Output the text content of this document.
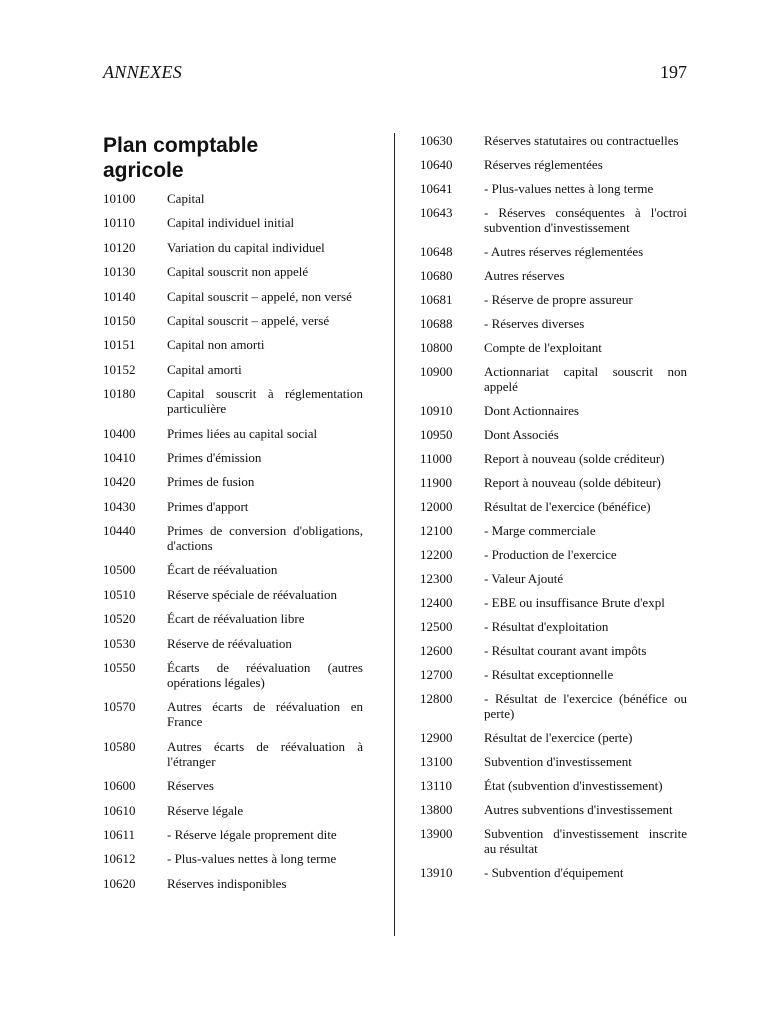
ANNEXES	197
Plan comptable agricole
10100	Capital
10110	Capital individuel initial
10120	Variation du capital individuel
10130	Capital souscrit non appelé
10140	Capital souscrit – appelé, non versé
10150	Capital souscrit – appelé, versé
10151	Capital non amorti
10152	Capital amorti
10180	Capital souscrit à réglementation particulière
10400	Primes liées au capital social
10410	Primes d'émission
10420	Primes de fusion
10430	Primes d'apport
10440	Primes de conversion d'obligations, d'actions
10500	Écart de réévaluation
10510	Réserve spéciale de réévaluation
10520	Écart de réévaluation libre
10530	Réserve de réévaluation
10550	Écarts de réévaluation (autres opérations légales)
10570	Autres écarts de réévaluation en France
10580	Autres écarts de réévaluation à l'étranger
10600	Réserves
10610	Réserve légale
10611	- Réserve légale proprement dite
10612	- Plus-values nettes à long terme
10620	Réserves indisponibles
10630	Réserves statutaires ou contractuelles
10640	Réserves réglementées
10641	- Plus-values nettes à long terme
10643	- Réserves conséquentes à l'octroi subvention d'investissement
10648	- Autres réserves réglementées
10680	Autres réserves
10681	- Réserve de propre assureur
10688	- Réserves diverses
10800	Compte de l'exploitant
10900	Actionnariat capital souscrit non appelé
10910	Dont Actionnaires
10950	Dont Associés
11000	Report à nouveau (solde créditeur)
11900	Report à nouveau (solde débiteur)
12000	Résultat de l'exercice (bénéfice)
12100	- Marge commerciale
12200	- Production de l'exercice
12300	- Valeur Ajouté
12400 - EBE ou insuffisance Brute d'expl
12500	- Résultat d'exploitation
12600	- Résultat courant avant impôts
12700	- Résultat exceptionnelle
12800	- Résultat de l'exercice (bénéfice ou perte)
12900	Résultat de l'exercice (perte)
13100	Subvention d'investissement
13110	État (subvention d'investissement)
13800	Autres subventions d'investissement
13900	Subvention d'investissement inscrite au résultat
13910	- Subvention d'équipement
